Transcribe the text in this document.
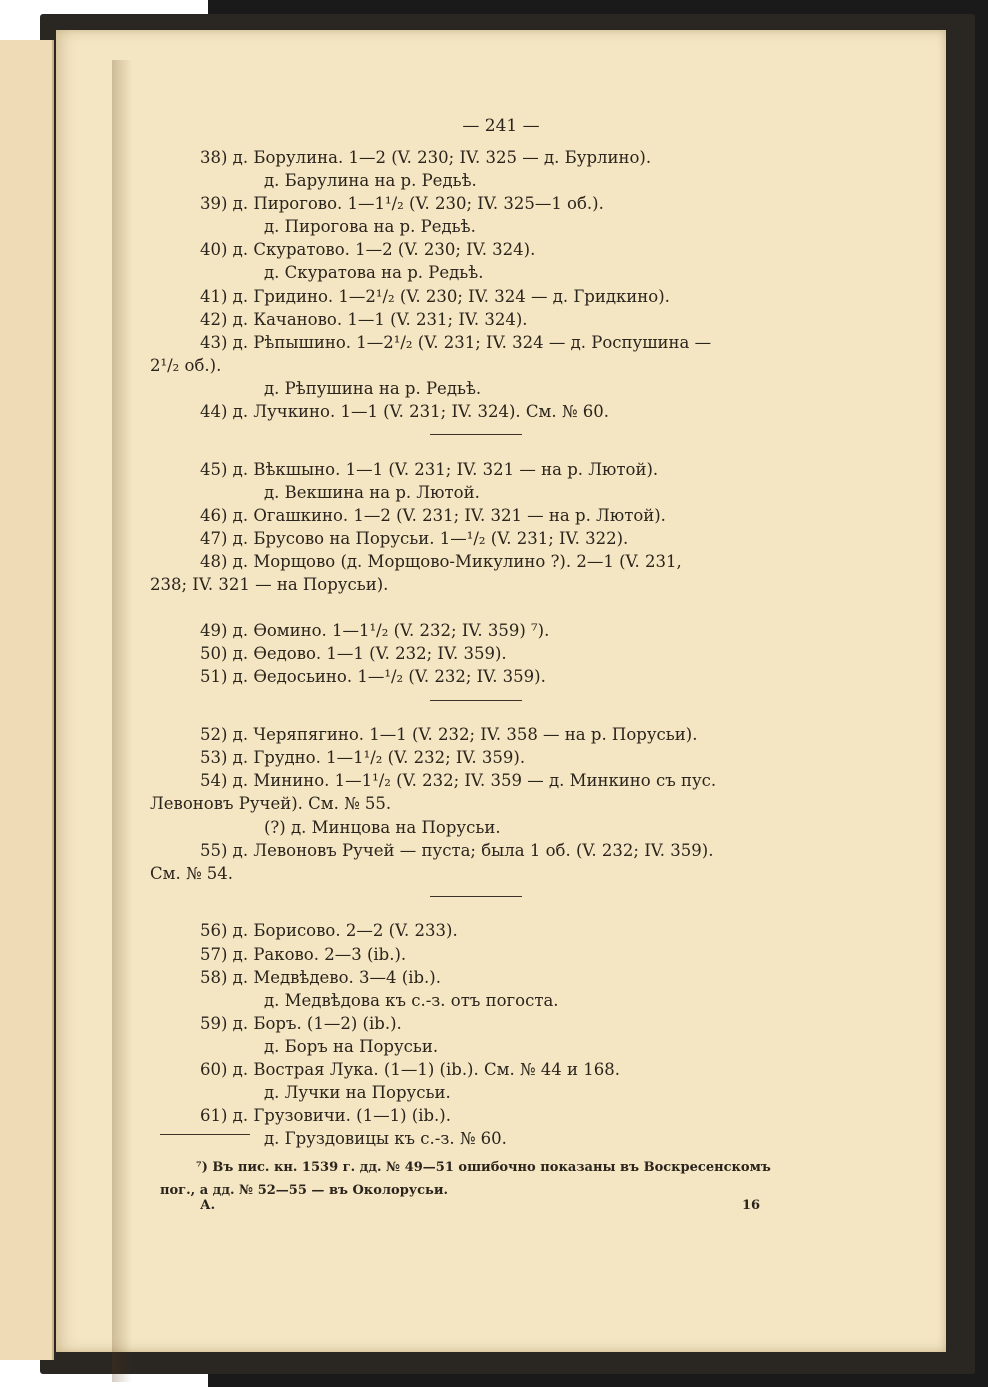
— 241 —
38) д. Борулина. 1—2 (V. 230; IV. 325 — д. Бурлино).
д. Барулина на р. Редьѣ.
39) д. Пирогово. 1—1¹/₂ (V. 230; IV. 325—1 об.).
д. Пирогова на р. Редьѣ.
40) д. Скуратово. 1—2 (V. 230; IV. 324).
д. Скуратова на р. Редьѣ.
41) д. Гридино. 1—2¹/₂ (V. 230; IV. 324 — д. Гридкино).
42) д. Качаново. 1—1 (V. 231; IV. 324).
43) д. Рѣпышино. 1—2¹/₂ (V. 231; IV. 324 — д. Роспушина —
2¹/₂ об.).
д. Рѣпушина на р. Редьѣ.
44) д. Лучкино. 1—1 (V. 231; IV. 324). См. № 60.
45) д. Вѣкшыно. 1—1 (V. 231; IV. 321 — на р. Лютой).
д. Векшина на р. Лютой.
46) д. Огашкино. 1—2 (V. 231; IV. 321 — на р. Лютой).
47) д. Брусово на Порусьи. 1—¹/₂ (V. 231; IV. 322).
48) д. Морщово (д. Морщово-Микулино ?). 2—1 (V. 231,
238; IV. 321 — на Порусьи).
49) д. Ѳомино. 1—1¹/₂ (V. 232; IV. 359) ⁷).
50) д. Ѳедово. 1—1 (V. 232; IV. 359).
51) д. Ѳедосьино. 1—¹/₂ (V. 232; IV. 359).
52) д. Черяпягино. 1—1 (V. 232; IV. 358 — на р. Порусьи).
53) д. Грудно. 1—1¹/₂ (V. 232; IV. 359).
54) д. Минино. 1—1¹/₂ (V. 232; IV. 359 — д. Минкино съ пус.
Левоновъ Ручей). См. № 55.
(?) д. Минцова на Порусьи.
55) д. Левоновъ Ручей — пуста; была 1 об. (V. 232; IV. 359).
См. № 54.
56) д. Борисово. 2—2 (V. 233).
57) д. Раково. 2—3 (ib.).
58) д. Медвѣдево. 3—4 (ib.).
д. Медвѣдова къ с.-з. отъ погоста.
59) д. Боръ. (1—2) (ib.).
д. Боръ на Порусьи.
60) д. Вострая Лука. (1—1) (ib.). См. № 44 и 168.
д. Лучки на Порусьи.
61) д. Грузовичи. (1—1) (ib.).
д. Груздовицы къ с.-з. № 60.
⁷) Въ пис. кн. 1539 г. дд. № 49—51 ошибочно показаны въ Воскресенскомъ
пог., а дд. № 52—55 — въ Околорусьи.
А.	16
